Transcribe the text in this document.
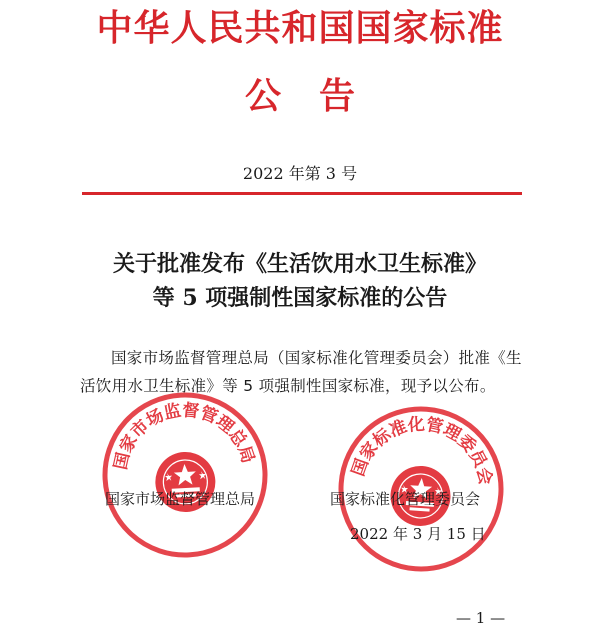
中华人民共和国国家标准
公告
2022 年第 3 号
关于批准发布《生活饮用水卫生标准》
等 5 项强制性国家标准的公告
国家市场监督管理总局（国家标准化管理委员会）批准《生活饮用水卫生标准》等 5 项强制性国家标准，现予以公布。
国家市场监督管理总局
国家标准化管理委员会
国家市场监督管理总局	国家标准化管理委员会
2022 年 3 月 15 日
— 1 —
